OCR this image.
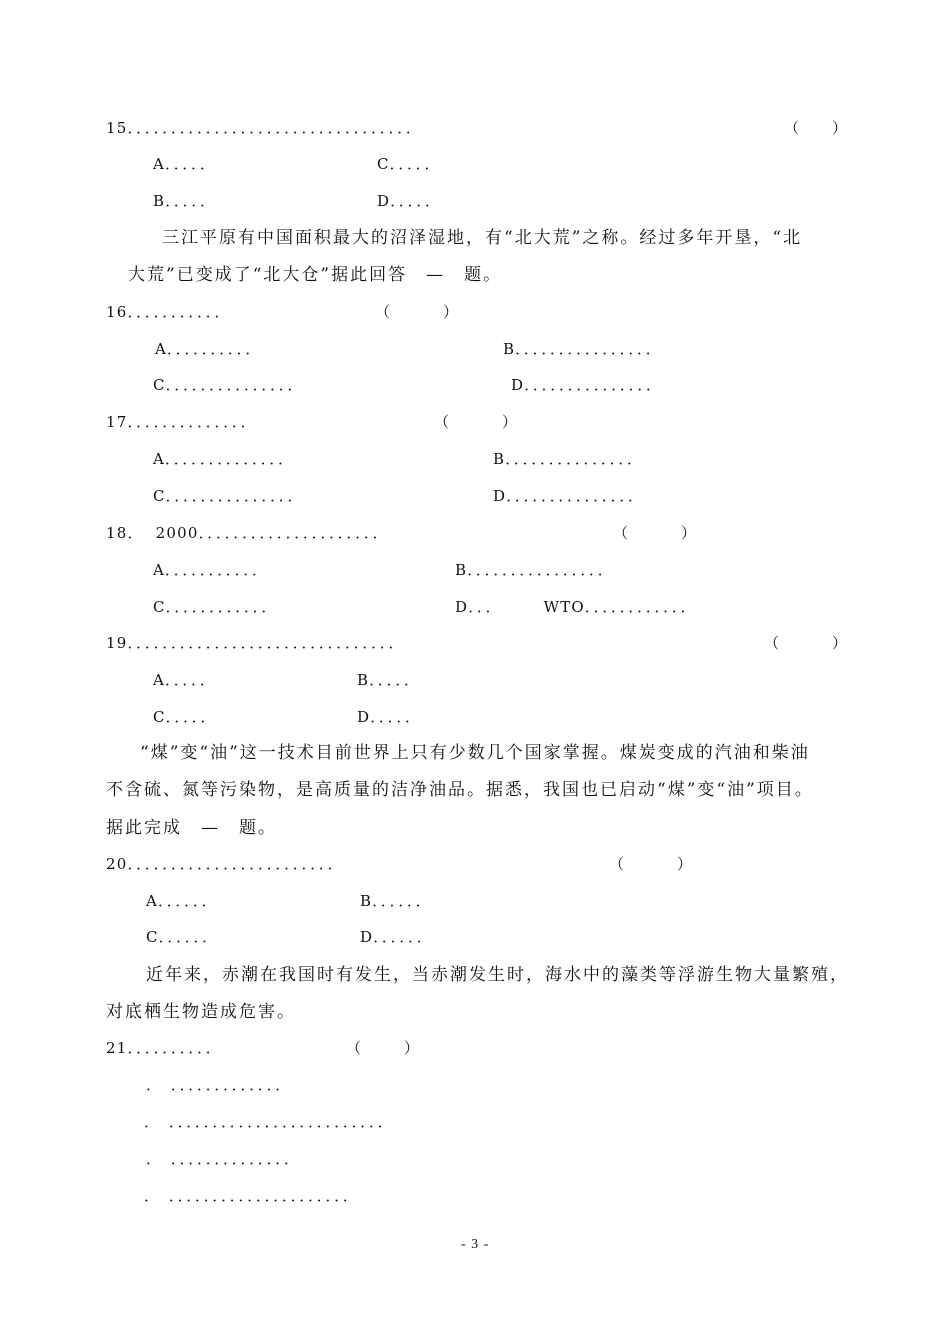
15．．．．．．．．．．．．．．．．．．．．．．．．．．．．．．．．．	（ ）
A．．．．．	C．．．．．
B．．．．．	D．．．．．
三江平原有中国面积最大的沼泽湿地，有“北大荒”之称。经过多年开垦，“北
大荒”已变成了“北大仓”据此回答　—　题。
16．．．．．．．．．．．	（	）
A．．．．．．．．．．	B．．．．．．．．．．．．．．．．
C．．．．．．．．．．．．．．．	D．．．．．．．．．．．．．．．
17．．．．．．．．．．．．．．	（	）
A．．．．．．．．．．．．．．	B．．．．．．．．．．．．．．．
C．．．．．．．．．．．．．．．	D．．．．．．．．．．．．．．．
18．  2000．．．．．．．．．．．．．．．．．．．．．	（	）
A．．．．．．．．．．．	B．．．．．．．．．．．．．．．．
C．．．．．．．．．．．．	D．．．       WTO．．．．．．．．．．．．
19．．．．．．．．．．．．．．．．．．．．．．．．．．．．．．．	（	）
A．．．．．	B．．．．．
C．．．．．	D．．．．．
“煤”变“油”这一技术目前世界上只有少数几个国家掌握。煤炭变成的汽油和柴油
不含硫、氮等污染物，是高质量的洁净油品。据悉，我国也已启动“煤”变“油”项目。
据此完成　—　题。
20．．．．．．．．．．．．．．．．．．．．．．．．	（	）
A．．．．．．	B．．．．．．
C．．．．．．	D．．．．．．
近年来，赤潮在我国时有发生，当赤潮发生时，海水中的藻类等浮游生物大量繁殖，
对底栖生物造成危害。
21．．．．．．．．．．	（	）
．　．．．．．．．．．．．．．
．　．．．．．．．．．．．．．．．．．．．．．．．．．
．　．．．．．．．．．．．．．．
．　．．．．．．．．．．．．．．．．．．．．．
- 3 -
